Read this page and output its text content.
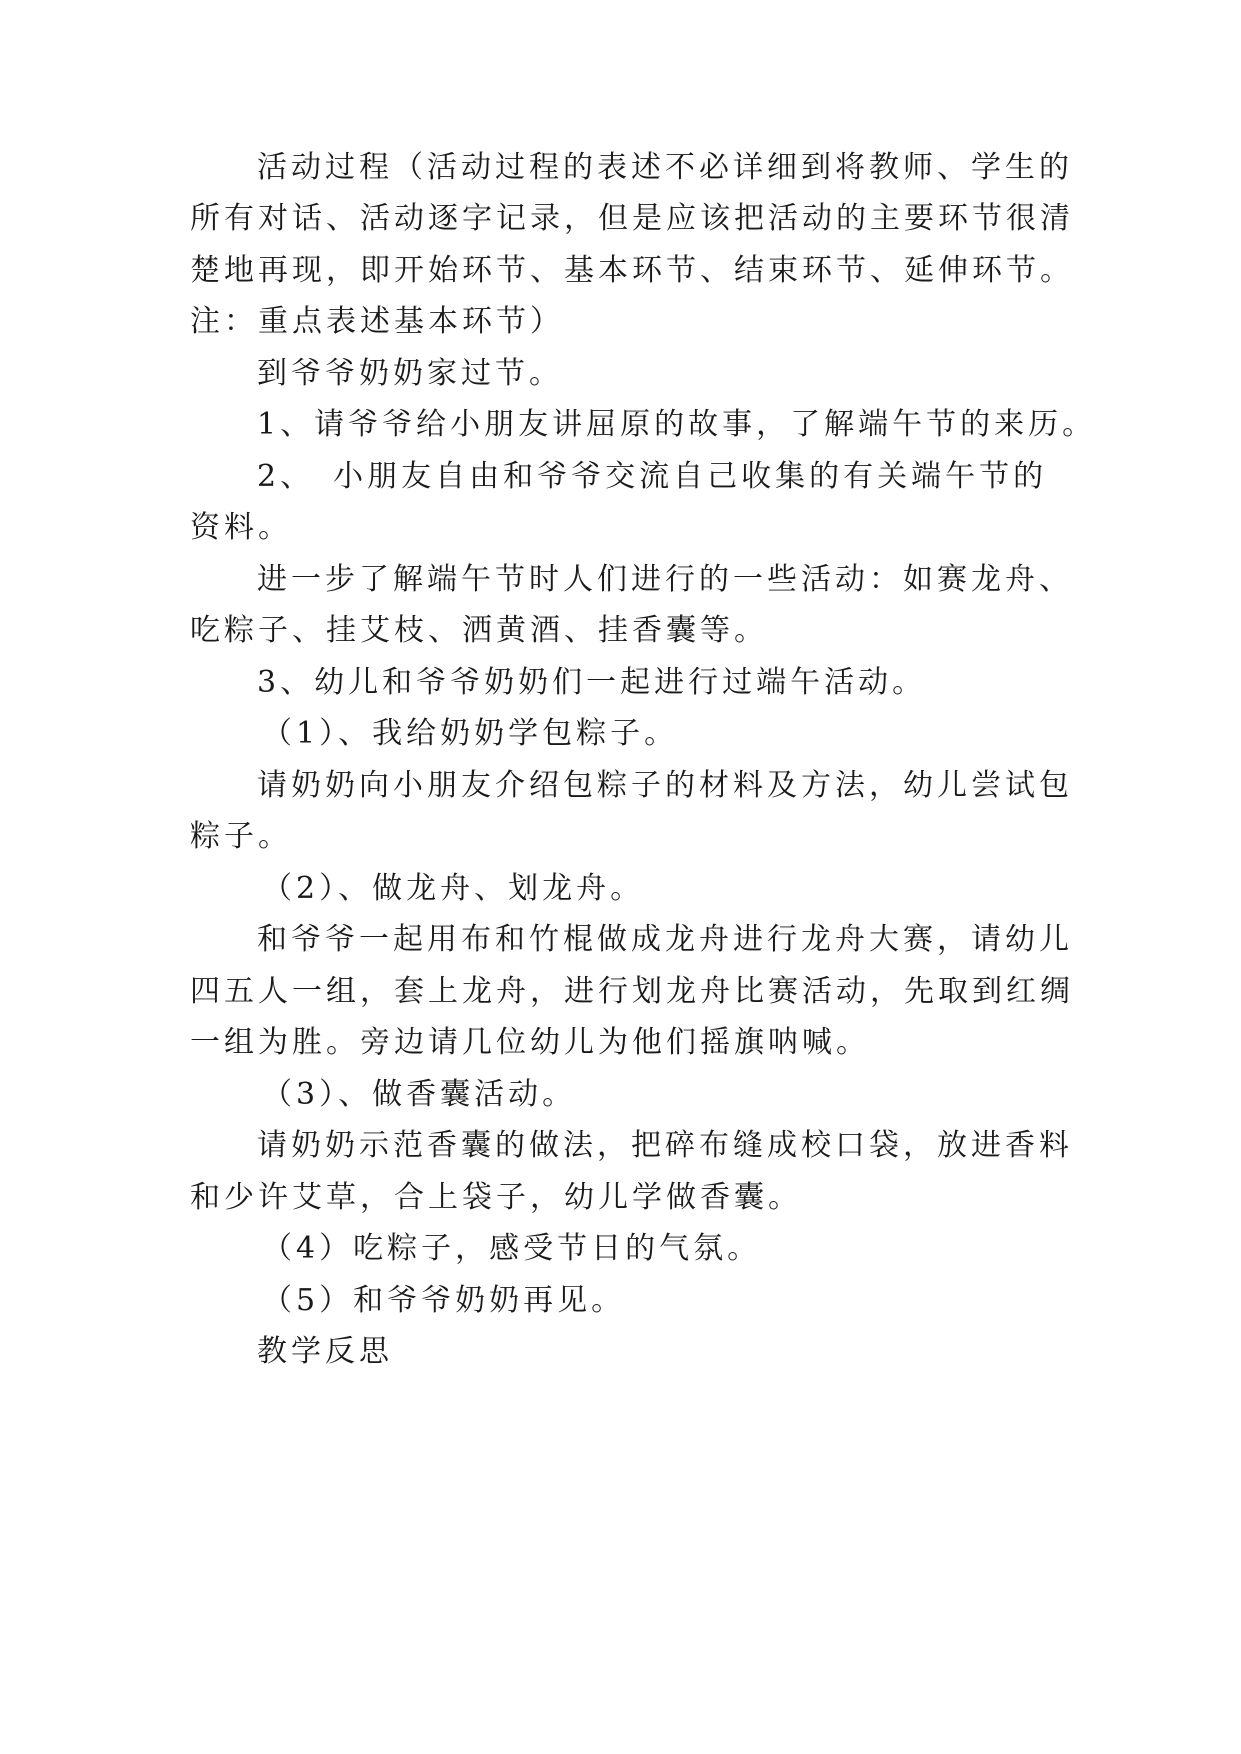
活动过程（活动过程的表述不必详细到将教师、学生的
所有对话、活动逐字记录，但是应该把活动的主要环节很清
楚地再现，即开始环节、基本环节、结束环节、延伸环节。
注：重点表述基本环节）
到爷爷奶奶家过节。
1、请爷爷给小朋友讲屈原的故事，了解端午节的来历。
2、　小朋友自由和爷爷交流自己收集的有关端午节的
资料。
进一步了解端午节时人们进行的一些活动：如赛龙舟、
吃粽子、挂艾枝、洒黄酒、挂香囊等。
3、幼儿和爷爷奶奶们一起进行过端午活动。
（1）、我给奶奶学包粽子。
请奶奶向小朋友介绍包粽子的材料及方法，幼儿尝试包
粽子。
（2）、做龙舟、划龙舟。
和爷爷一起用布和竹棍做成龙舟进行龙舟大赛，请幼儿
四五人一组，套上龙舟，进行划龙舟比赛活动，先取到红绸
一组为胜。旁边请几位幼儿为他们摇旗呐喊。
（3）、做香囊活动。
请奶奶示范香囊的做法，把碎布缝成校口袋，放进香料
和少许艾草，合上袋子，幼儿学做香囊。
（4）吃粽子，感受节日的气氛。
（5）和爷爷奶奶再见。
教学反思
